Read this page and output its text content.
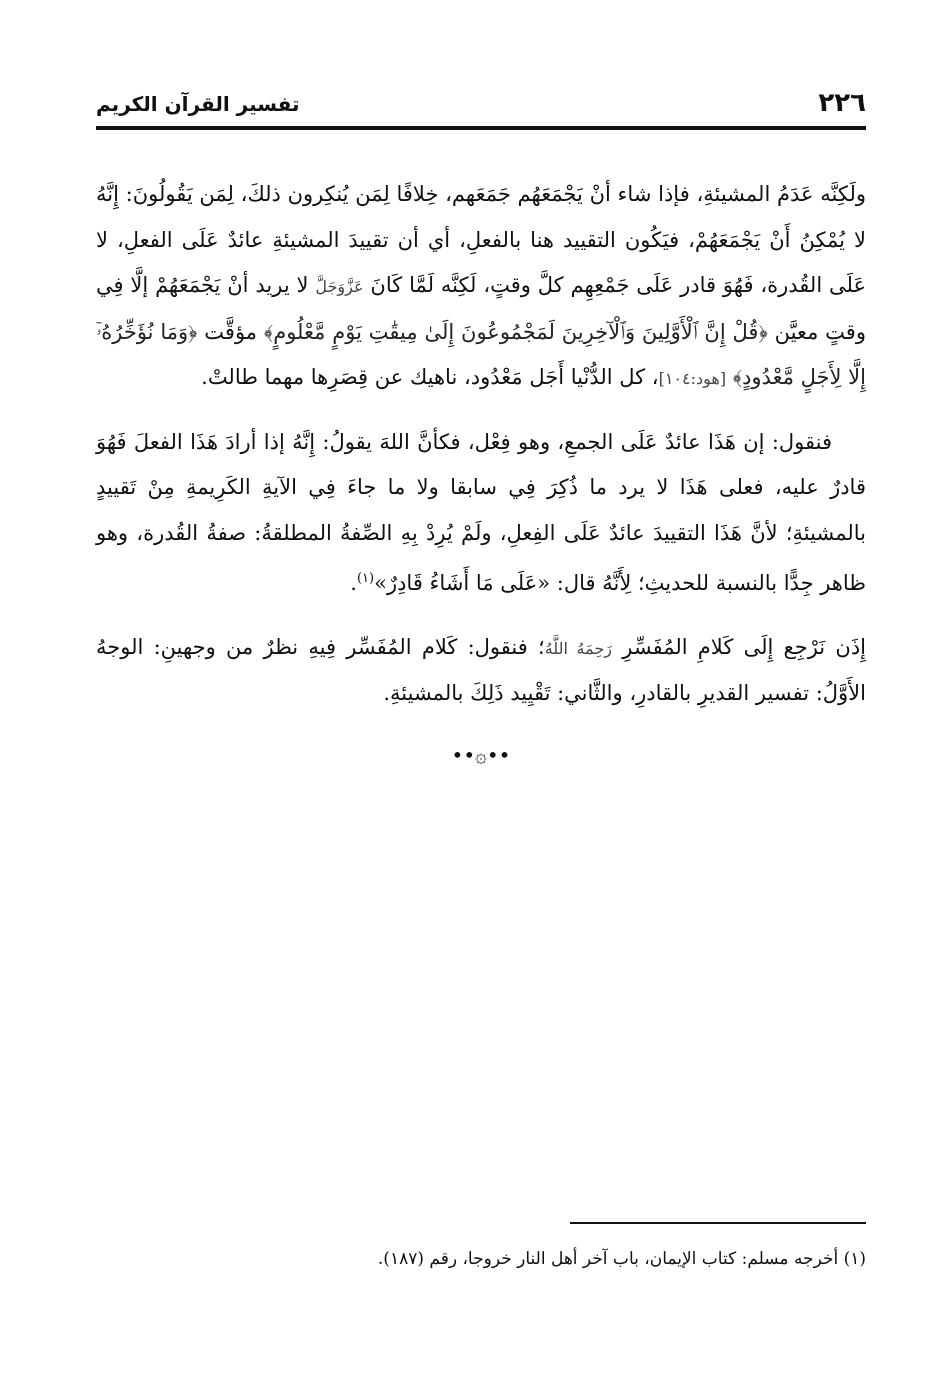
٢٢٦
تفسير القرآن الكريم

ولَكِنَّه عَدَمُ المشيئةِ، فإذا شاء أنْ يَجْمَعَهُم جَمَعَهم، خِلافًا لِمَن يُنكِرون ذلكَ، لِمَن يَقُولُونَ: إِنَّهُ لا يُمْكِنُ أَنْ يَجْمَعَهُمْ، فيَكُون التقييد هنا بالفعلِ، أي أن تقييدَ المشيئةِ عائدٌ عَلَى الفعلِ، لا عَلَى القُدرة، فَهُوَ قادر عَلَى جَمْعِهِم كلَّ وقتٍ، لَكِنَّه لَمَّا كَانَ عَزَّوَجَلَّ لا يريد أنْ يَجْمَعَهُمْ إلَّا فِي وقتٍ معيَّن ﴿قُلْ إِنَّ ٱلْأَوَّلِينَ وَٱلْآخِرِينَ لَمَجْمُوعُونَ إِلَىٰ مِيقَٰتِ يَوْمٍ مَّعْلُومٍ﴾ مؤقَّت ﴿وَمَا نُؤَخِّرُهُۥٓ إِلَّا لِأَجَلٍ مَّعْدُودٍ﴾ [هود:١٠٤]، كل الدُّنْيا أَجَل مَعْدُود، ناهيك عن قِصَرِها مهما طالتْ.

فنقول: إن هَذَا عائدٌ عَلَى الجمعِ، وهو فِعْل، فكأنَّ اللهَ يقولُ: إِنَّهُ إذا أرادَ هَذَا الفعلَ فَهُوَ قادرٌ عليه، فعلى هَذَا لا يرد ما ذُكِرَ فِي سابقا ولا ما جاءَ فِي الآيةِ الكَرِيمةِ مِنْ تَقييدٍ بالمشيئةِ؛ لأنَّ هَذَا التقييدَ عائدٌ عَلَى الفِعلِ، ولَمْ يُرِدْ بِهِ الصِّفةُ المطلقةُ: صفةُ القُدرة، وهو ظاهر جِدًّا بالنسبة للحديثِ؛ لِأَنَّهُ قال: «عَلَى مَا أَشَاءُ قَادِرٌ»$^{(١)}$.

إِذَن نَرْجِع إِلَى كَلامِ المُفَسِّرِ رَحِمَهُ اللَّهُ؛ فنقول: كَلام المُفَسِّر فِيهِ نظرٌ من وجهينِ: الوجهُ الأَوَّلُ: تفسير القديرِ بالقادرِ، والثَّاني: تَقْيِيد ذَلِكَ بالمشيئةِ.

••۞••
(١) أخرجه مسلم: كتاب الإيمان، باب آخر أهل النار خروجا، رقم (١٨٧).
